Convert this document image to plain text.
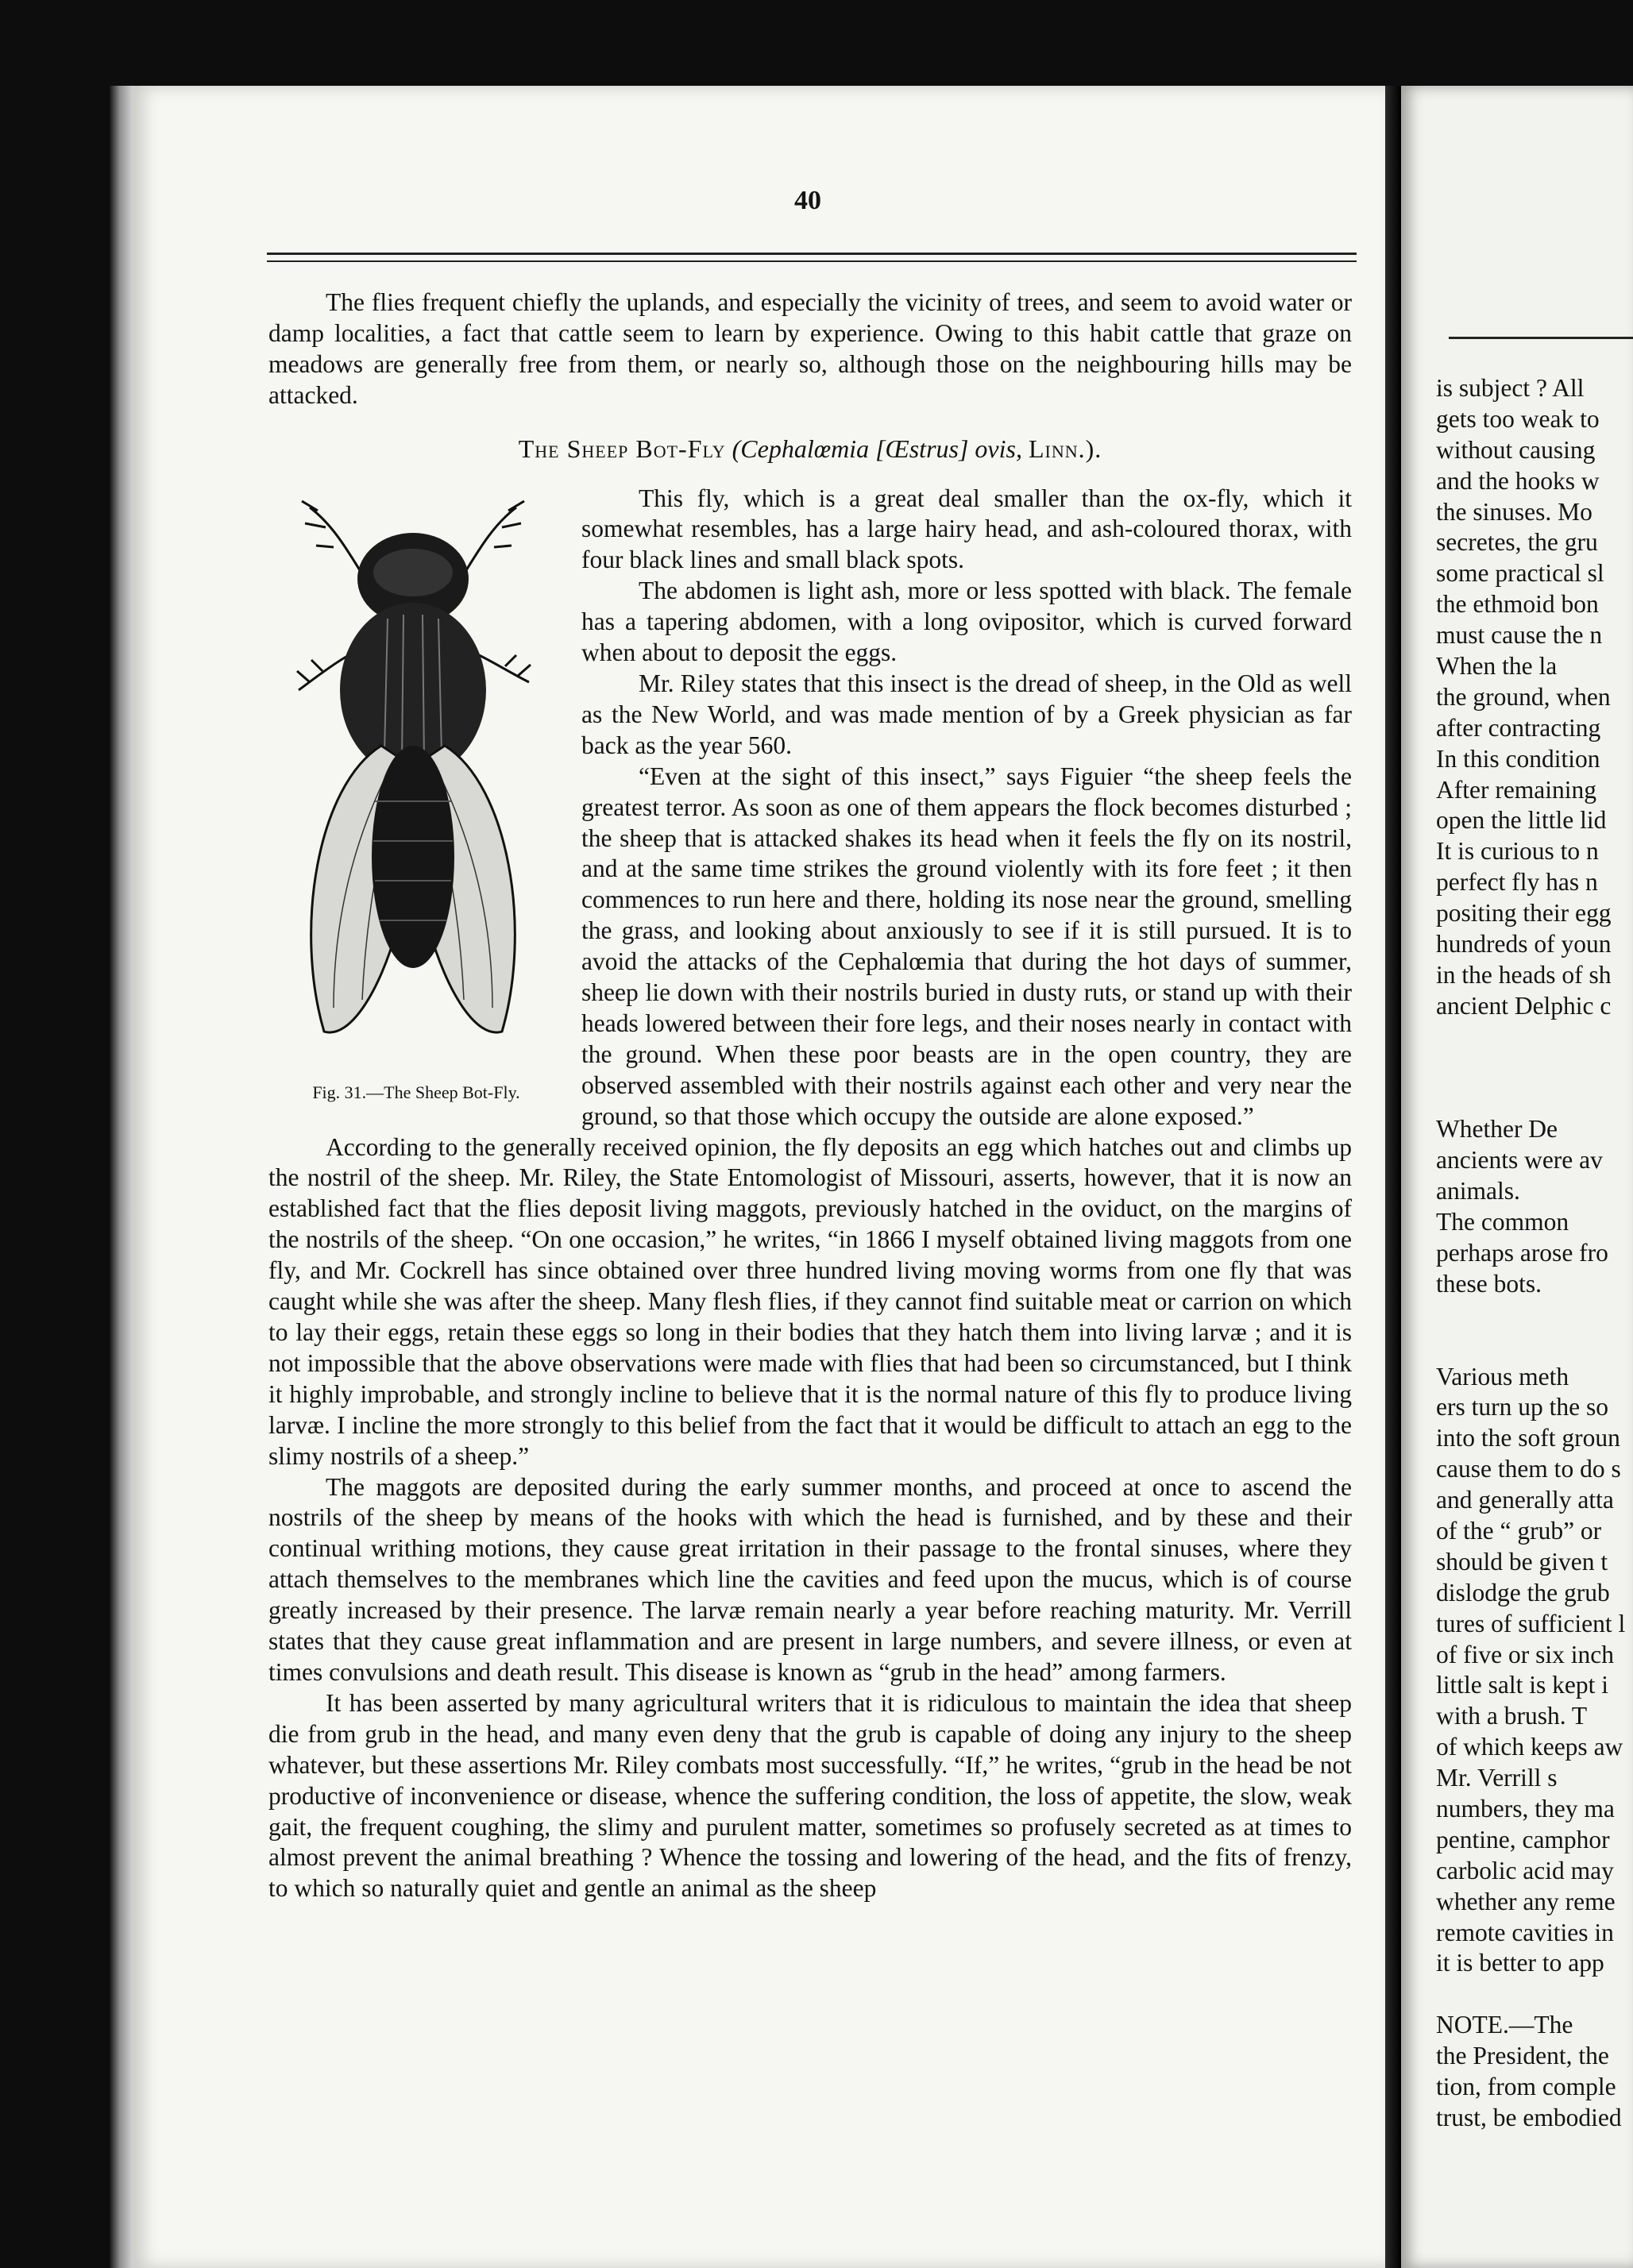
40

The flies frequent chiefly the uplands, and especially the vicinity of trees, and seem to avoid water or damp localities, a fact that cattle seem to learn by experience. Owing to this habit cattle that graze on meadows are generally free from them, or nearly so, although those on the neighbouring hills may be attacked.

The Sheep Bot-Fly (Cephalœmia [Œstrus] ovis, Linn.).

Fig. 31.—The Sheep Bot-Fly.

This fly, which is a great deal smaller than the ox-fly, which it somewhat resembles, has a large hairy head, and ash-coloured thorax, with four black lines and small black spots.

The abdomen is light ash, more or less spotted with black. The female has a tapering abdomen, with a long ovipositor, which is curved forward when about to deposit the eggs.

Mr. Riley states that this insect is the dread of sheep, in the Old as well as the New World, and was made mention of by a Greek physician as far back as the year 560.

“Even at the sight of this insect,” says Figuier “the sheep feels the greatest terror. As soon as one of them appears the flock becomes disturbed ; the sheep that is attacked shakes its head when it feels the fly on its nostril, and at the same time strikes the ground violently with its fore feet ; it then commences to run here and there, holding its nose near the ground, smelling the grass, and looking about anxiously to see if it is still pursued. It is to avoid the attacks of the Cephalœmia that during the hot days of summer, sheep lie down with their nostrils buried in dusty ruts, or stand up with their heads lowered between their fore legs, and their noses nearly in contact with the ground. When these poor beasts are in the open country, they are observed assembled with their nostrils against each other and very near the ground, so that those which occupy the outside are alone exposed.”

According to the generally received opinion, the fly deposits an egg which hatches out and climbs up the nostril of the sheep. Mr. Riley, the State Entomologist of Missouri, asserts, however, that it is now an established fact that the flies deposit living maggots, previously hatched in the oviduct, on the margins of the nostrils of the sheep. “On one occasion,” he writes, “in 1866 I myself obtained living maggots from one fly, and Mr. Cockrell has since obtained over three hundred living moving worms from one fly that was caught while she was after the sheep. Many flesh flies, if they cannot find suitable meat or carrion on which to lay their eggs, retain these eggs so long in their bodies that they hatch them into living larvæ ; and it is not impossible that the above observations were made with flies that had been so circumstanced, but I think it highly improbable, and strongly incline to believe that it is the normal nature of this fly to produce living larvæ. I incline the more strongly to this belief from the fact that it would be difficult to attach an egg to the slimy nostrils of a sheep.”

The maggots are deposited during the early summer months, and proceed at once to ascend the nostrils of the sheep by means of the hooks with which the head is furnished, and by these and their continual writhing motions, they cause great irritation in their passage to the frontal sinuses, where they attach themselves to the membranes which line the cavities and feed upon the mucus, which is of course greatly increased by their presence. The larvæ remain nearly a year before reaching maturity. Mr. Verrill states that they cause great inflammation and are present in large numbers, and severe illness, or even at times convulsions and death result. This disease is known as “grub in the head” among farmers.

It has been asserted by many agricultural writers that it is ridiculous to maintain the idea that sheep die from grub in the head, and many even deny that the grub is capable of doing any injury to the sheep whatever, but these assertions Mr. Riley combats most successfully. “If,” he writes, “grub in the head be not productive of inconvenience or disease, whence the suffering condition, the loss of appetite, the slow, weak gait, the frequent coughing, the slimy and purulent matter, sometimes so profusely secreted as at times to almost prevent the animal breathing ? Whence the tossing and lowering of the head, and the fits of frenzy, to which so naturally quiet and gentle an animal as the sheep

is subject ? All
gets too weak to
without causing
and the hooks w
the sinuses. Mo
secretes, the gru
some practical sl
the ethmoid bon
must cause the n
When the la
the ground, when
after contracting
In this condition
After remaining
open the little lid
It is curious to n
perfect fly has n
positing their egg
hundreds of youn
in the heads of sh
ancient Delphic c
Whether De
ancients were av
animals.
The common
perhaps arose fro
these bots.
Various meth
ers turn up the so
into the soft groun
cause them to do s
and generally atta
of the “ grub” or
should be given t
dislodge the grub
tures of sufficient l
of five or six inch
little salt is kept i
with a brush. T
of which keeps aw
Mr. Verrill s
numbers, they ma
pentine, camphor
carbolic acid may
whether any reme
remote cavities in
it is better to app
NOTE.—The
the President, the
tion, from comple
trust, be embodied
